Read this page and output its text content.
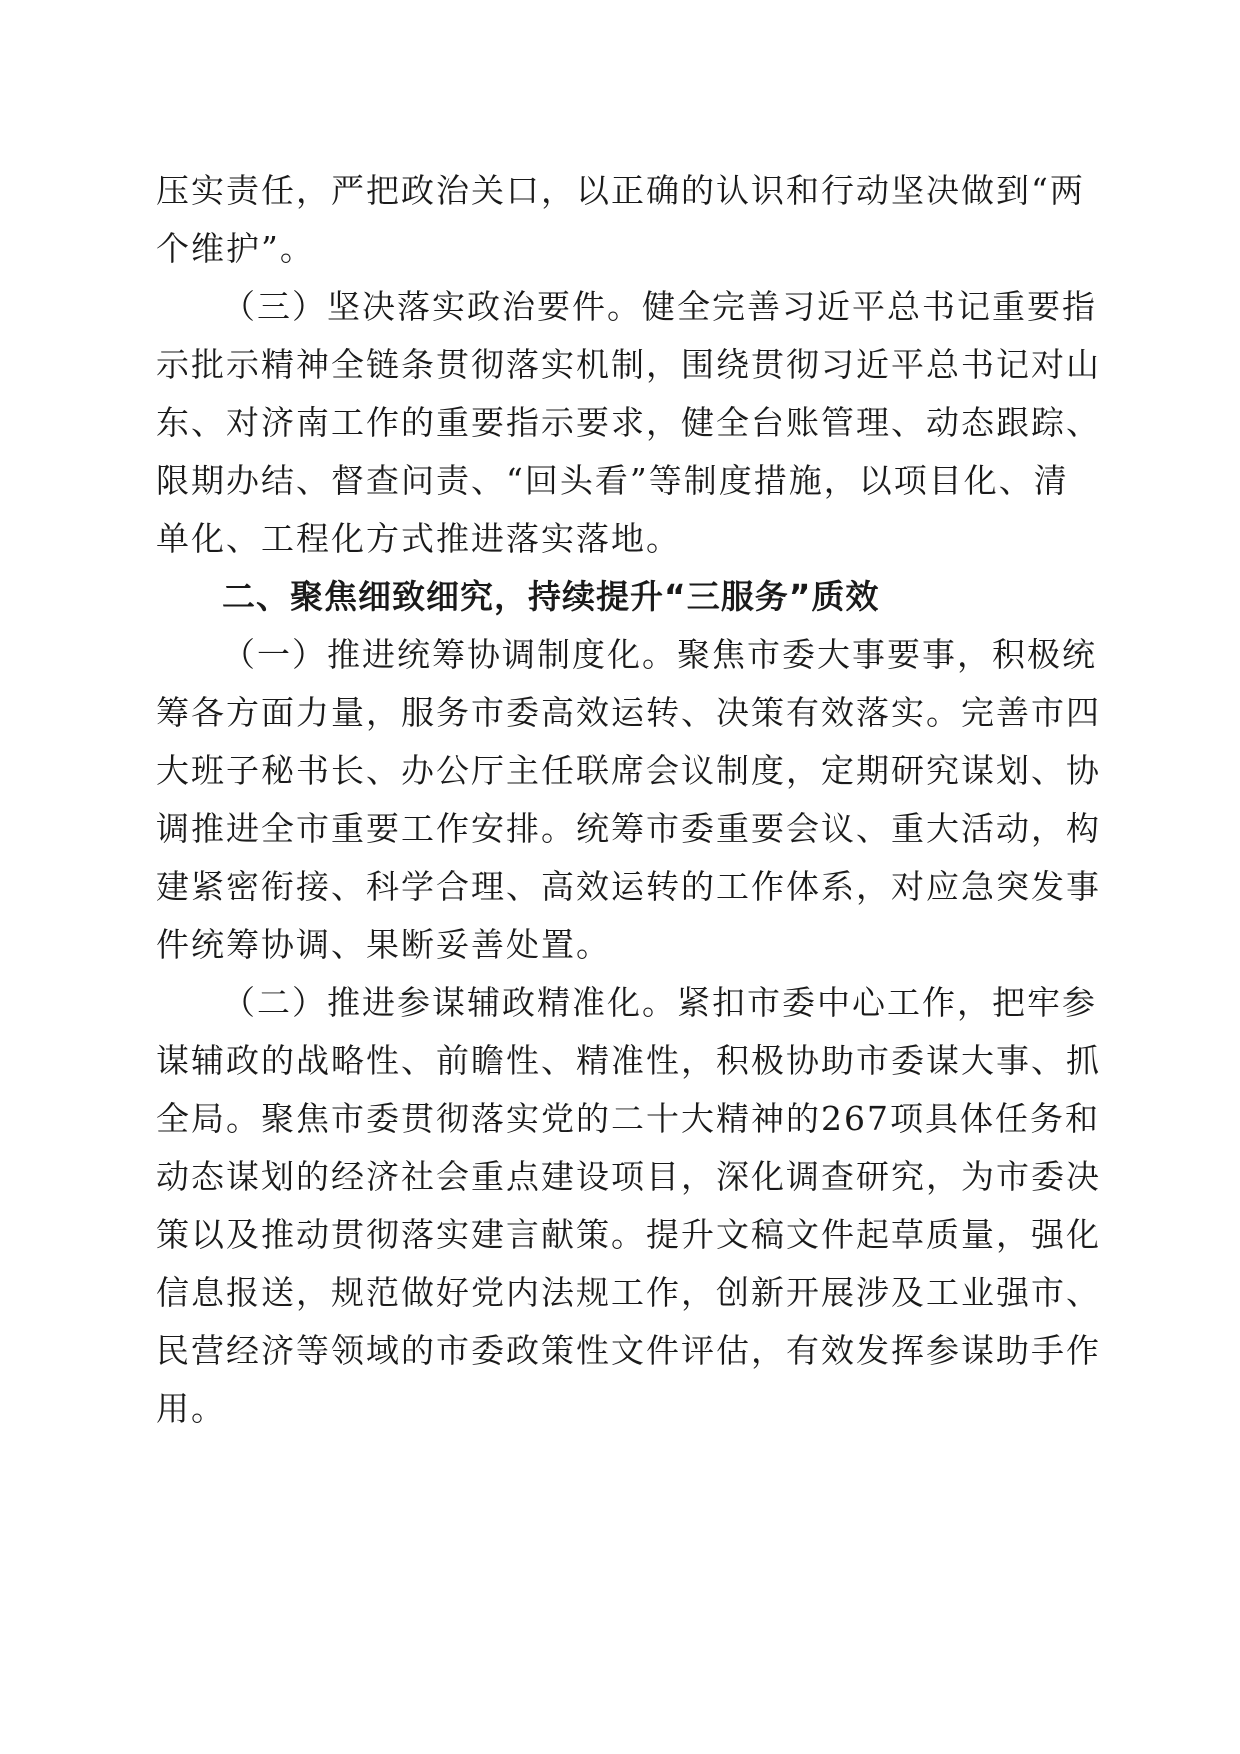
压实责任，严把政治关口，以正确的认识和行动坚决做到“两
个维护”。
（三）坚决落实政治要件。健全完善习近平总书记重要指
示批示精神全链条贯彻落实机制，围绕贯彻习近平总书记对山
东、对济南工作的重要指示要求，健全台账管理、动态跟踪、
限期办结、督查问责、“回头看”等制度措施，以项目化、清
单化、工程化方式推进落实落地。
二、聚焦细致细究，持续提升“三服务”质效
（一）推进统筹协调制度化。聚焦市委大事要事，积极统
筹各方面力量，服务市委高效运转、决策有效落实。完善市四
大班子秘书长、办公厅主任联席会议制度，定期研究谋划、协
调推进全市重要工作安排。统筹市委重要会议、重大活动，构
建紧密衔接、科学合理、高效运转的工作体系，对应急突发事
件统筹协调、果断妥善处置。
（二）推进参谋辅政精准化。紧扣市委中心工作，把牢参
谋辅政的战略性、前瞻性、精准性，积极协助市委谋大事、抓
全局。聚焦市委贯彻落实党的二十大精神的267项具体任务和
动态谋划的经济社会重点建设项目，深化调查研究，为市委决
策以及推动贯彻落实建言献策。提升文稿文件起草质量，强化
信息报送，规范做好党内法规工作，创新开展涉及工业强市、
民营经济等领域的市委政策性文件评估，有效发挥参谋助手作
用。
